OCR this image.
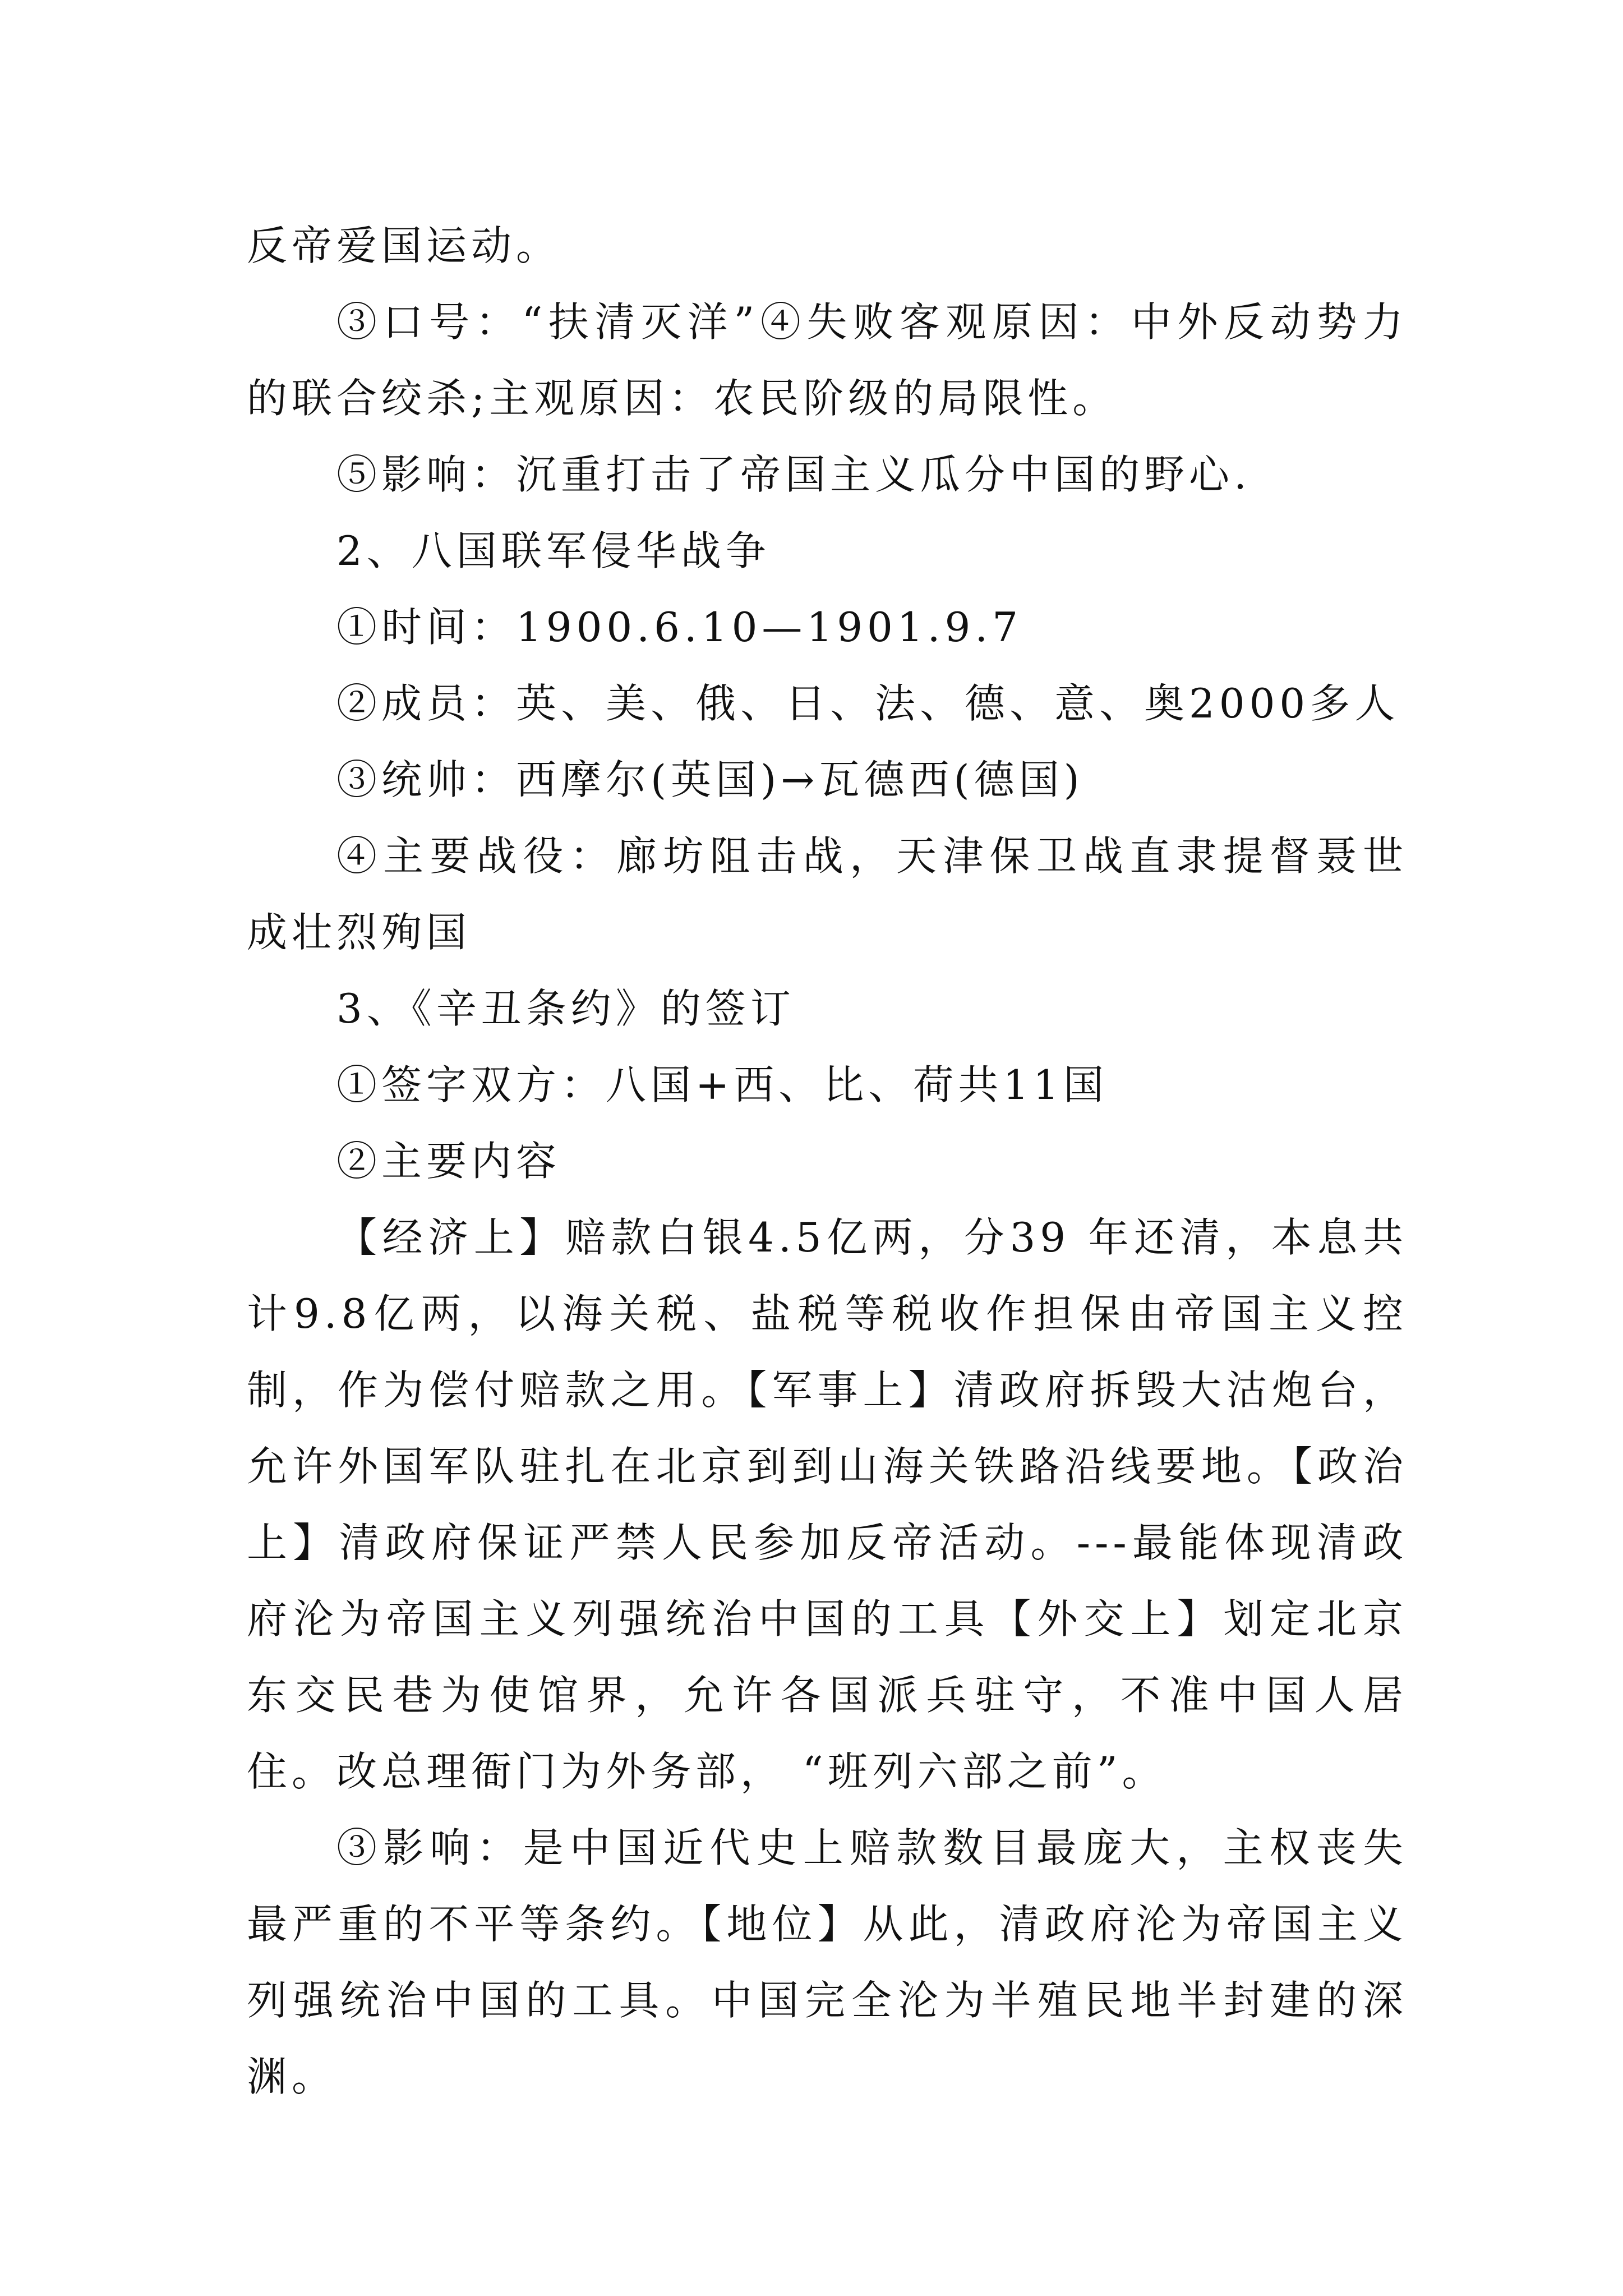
反帝爱国运动。

③口号：“扶清灭洋”④失败客观原因：中外反动势力的联合绞杀;主观原因：农民阶级的局限性。

⑤影响：沉重打击了帝国主义瓜分中国的野心.

2、八国联军侵华战争

①时间：1900.6.10—1901.9.7

②成员：英、美、俄、日、法、德、意、奥2000多人

③统帅：西摩尔(英国)→瓦德西(德国)

④主要战役：廊坊阻击战，天津保卫战直隶提督聂世成壮烈殉国

3、《辛丑条约》的签订

①签字双方：八国+西、比、荷共11国

②主要内容

【经济上】赔款白银4.5亿两，分39 年还清，本息共计9.8亿两，以海关税、盐税等税收作担保由帝国主义控制，作为偿付赔款之用。【军事上】清政府拆毁大沽炮台，允许外国军队驻扎在北京到到山海关铁路沿线要地。【政治上】清政府保证严禁人民参加反帝活动。---最能体现清政府沦为帝国主义列强统治中国的工具【外交上】划定北京东交民巷为使馆界，允许各国派兵驻守，不准中国人居住。改总理衙门为外务部， “班列六部之前”。

③影响：是中国近代史上赔款数目最庞大，主权丧失最严重的不平等条约。【地位】从此，清政府沦为帝国主义列强统治中国的工具。中国完全沦为半殖民地半封建的深渊。
